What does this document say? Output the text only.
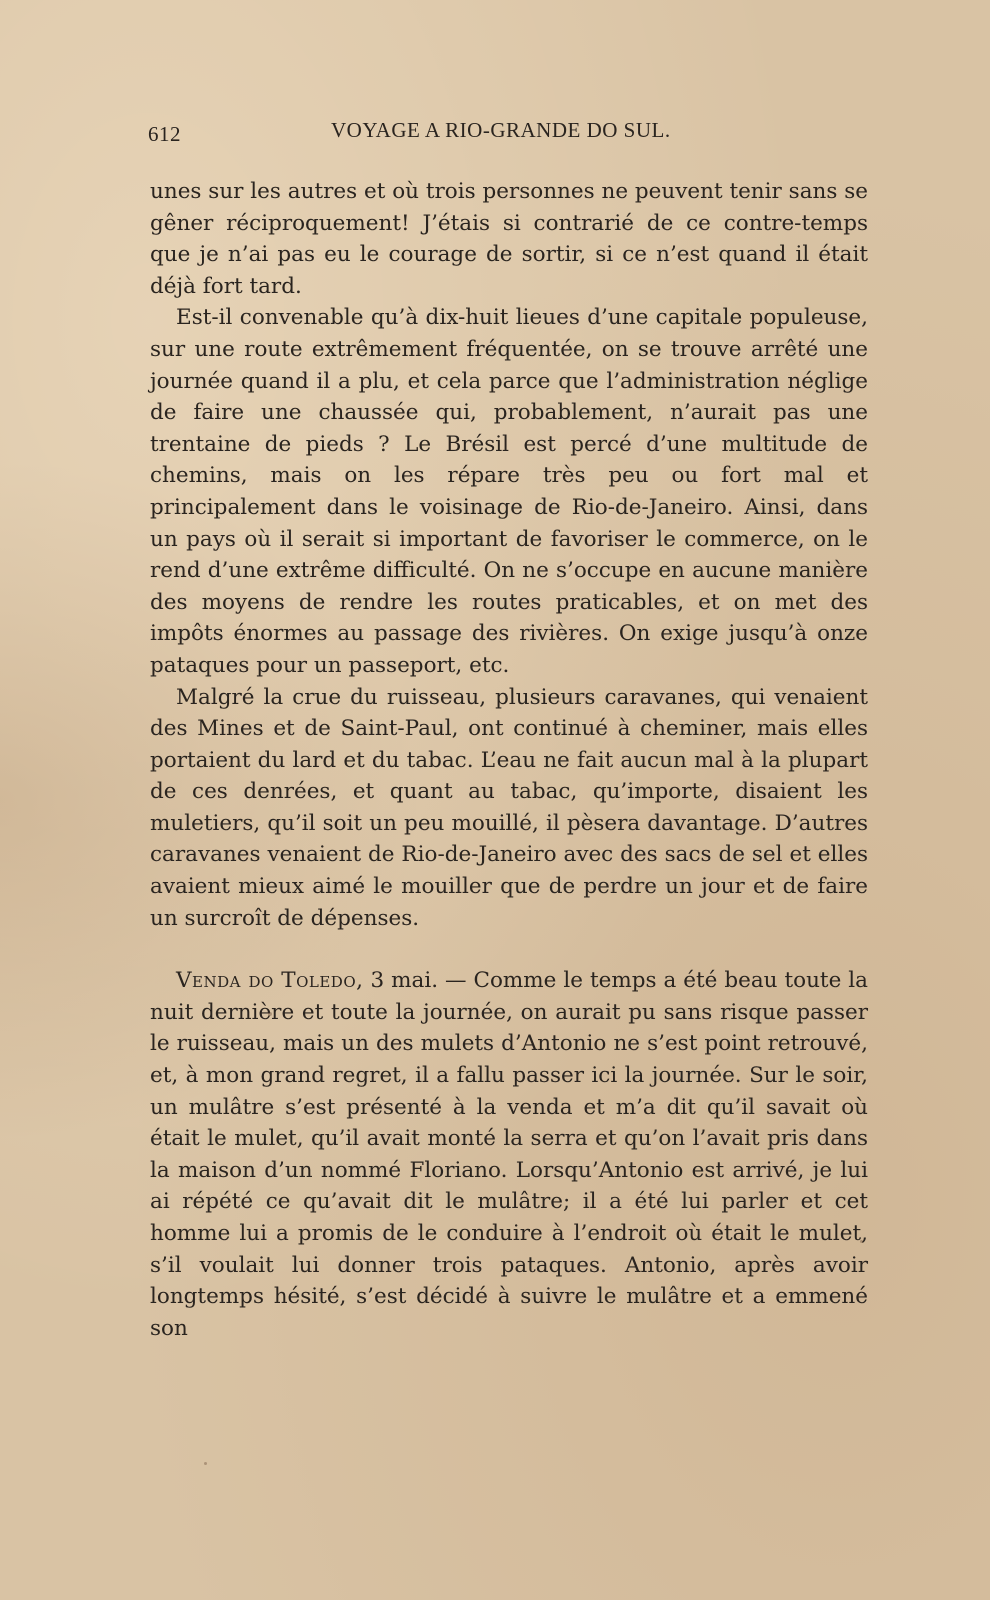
612	VOYAGE A RIO-GRANDE DO SUL.

unes sur les autres et où trois personnes ne peuvent tenir sans se gêner réciproquement! J’étais si contrarié de ce contre-temps que je n’ai pas eu le courage de sortir, si ce n’est quand il était déjà fort tard.

Est-il convenable qu’à dix-huit lieues d’une capitale populeuse, sur une route extrêmement fréquentée, on se trouve arrêté une journée quand il a plu, et cela parce que l’administration néglige de faire une chaussée qui, probablement, n’aurait pas une trentaine de pieds ? Le Brésil est percé d’une multitude de chemins, mais on les répare très peu ou fort mal et principalement dans le voisinage de Rio-de-Janeiro. Ainsi, dans un pays où il serait si important de favoriser le commerce, on le rend d’une extrême difficulté. On ne s’occupe en aucune manière des moyens de rendre les routes praticables, et on met des impôts énormes au passage des rivières. On exige jusqu’à onze pataques pour un passeport, etc.

Malgré la crue du ruisseau, plusieurs caravanes, qui venaient des Mines et de Saint-Paul, ont continué à cheminer, mais elles portaient du lard et du tabac. L’eau ne fait aucun mal à la plupart de ces denrées, et quant au tabac, qu’importe, disaient les muletiers, qu’il soit un peu mouillé, il pèsera davantage. D’autres caravanes venaient de Rio-de-Janeiro avec des sacs de sel et elles avaient mieux aimé le mouiller que de perdre un jour et de faire un surcroît de dépenses.

Venda do Toledo, 3 mai. — Comme le temps a été beau toute la nuit dernière et toute la journée, on aurait pu sans risque passer le ruisseau, mais un des mulets d’Antonio ne s’est point retrouvé, et, à mon grand regret, il a fallu passer ici la journée. Sur le soir, un mulâtre s’est présenté à la venda et m’a dit qu’il savait où était le mulet, qu’il avait monté la serra et qu’on l’avait pris dans la maison d’un nommé Floriano. Lorsqu’Antonio est arrivé, je lui ai répété ce qu’avait dit le mulâtre; il a été lui parler et cet homme lui a promis de le conduire à l’endroit où était le mulet, s’il voulait lui donner trois pataques. Antonio, après avoir longtemps hésité, s’est décidé à suivre le mulâtre et a emmené son
